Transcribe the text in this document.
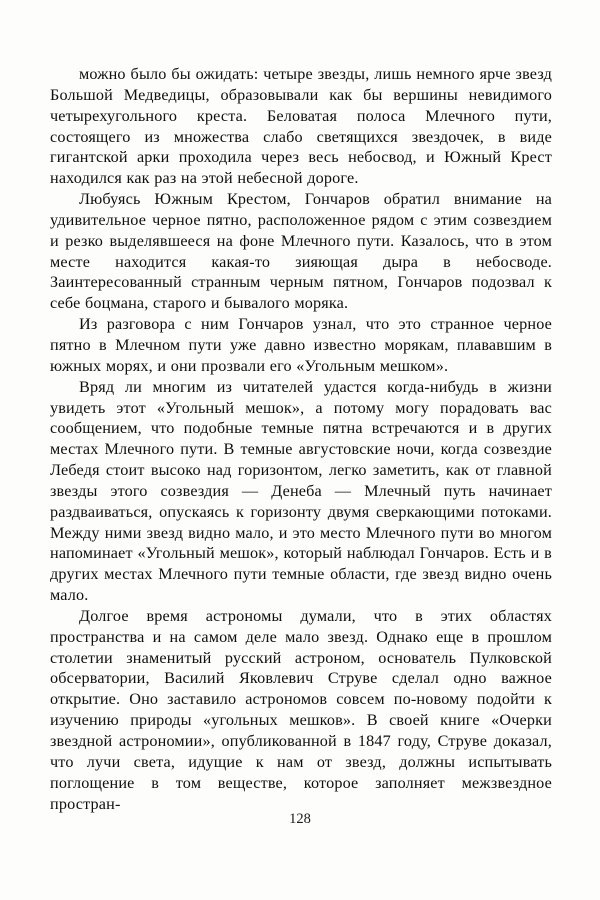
можно было бы ожидать: четыре звезды, лишь немного ярче звезд Большой Медведицы, образовывали как бы вершины невидимого четырехугольного креста. Беловатая полоса Млечного пути, состоящего из множества слабо светящихся звездочек, в виде гигантской арки проходила через весь небосвод, и Южный Крест находился как раз на этой небесной дороге.

Любуясь Южным Крестом, Гончаров обратил внимание на удивительное черное пятно, расположенное рядом с этим созвездием и резко выделявшееся на фоне Млечного пути. Казалось, что в этом месте находится какая-то зияющая дыра в небосводе. Заинтересованный странным черным пятном, Гончаров подозвал к себе боцмана, старого и бывалого моряка.

Из разговора с ним Гончаров узнал, что это странное черное пятно в Млечном пути уже давно известно морякам, плававшим в южных морях, и они прозвали его «Угольным мешком».

Вряд ли многим из читателей удастся когда-нибудь в жизни увидеть этот «Угольный мешок», а потому могу порадовать вас сообщением, что подобные темные пятна встречаются и в других местах Млечного пути. В темные августовские ночи, когда созвездие Лебедя стоит высоко над горизонтом, легко заметить, как от главной звезды этого созвездия — Денеба — Млечный путь начинает раздваиваться, опускаясь к горизонту двумя сверкающими потоками. Между ними звезд видно мало, и это место Млечного пути во многом напоминает «Угольный мешок», который наблюдал Гончаров. Есть и в других местах Млечного пути темные области, где звезд видно очень мало.

Долгое время астрономы думали, что в этих областях пространства и на самом деле мало звезд. Однако еще в прошлом столетии знаменитый русский астроном, основатель Пулковской обсерватории, Василий Яковлевич Струве сделал одно важное открытие. Оно заставило астрономов совсем по-новому подойти к изучению природы «угольных мешков». В своей книге «Очерки звездной астрономии», опубликованной в 1847 году, Струве доказал, что лучи света, идущие к нам от звезд, должны испытывать поглощение в том веществе, которое заполняет межзвездное простран-

128
